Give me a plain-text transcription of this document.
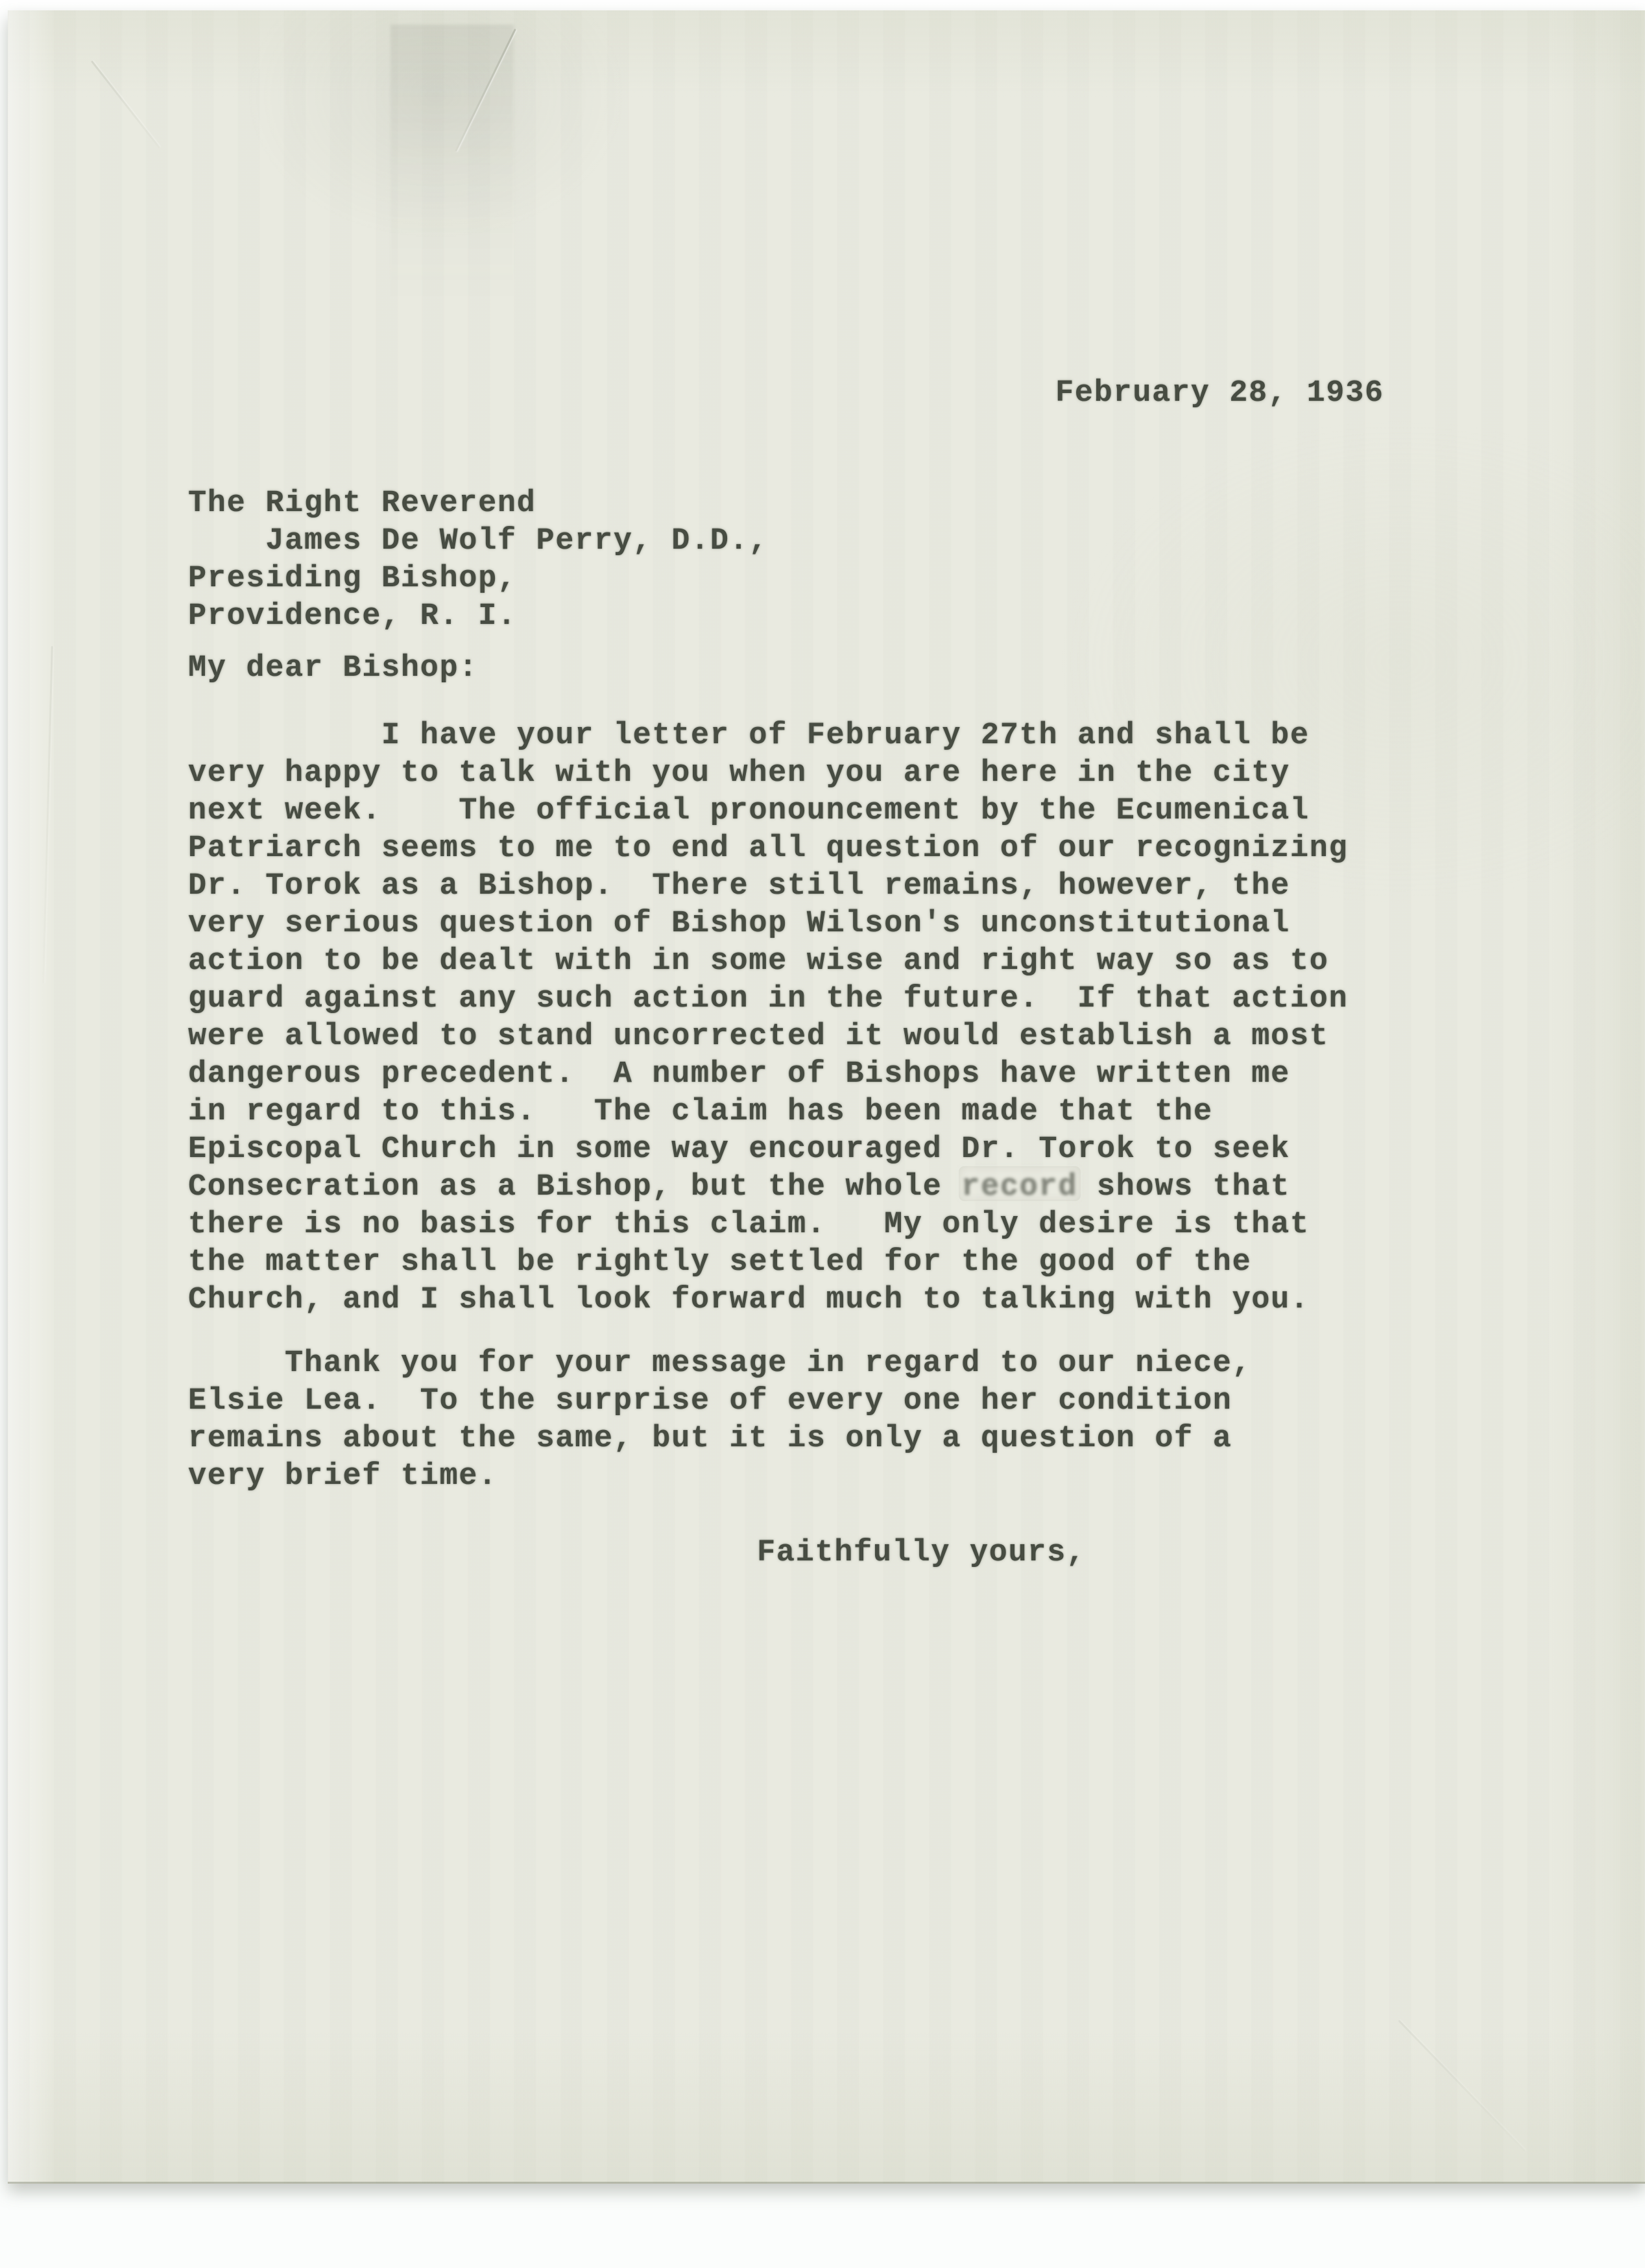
February 28, 1936
The Right Reverend
James De Wolf Perry, D.D.,
Presiding Bishop,
Providence, R. I.
My dear Bishop:
I have your letter of February 27th and shall be
very happy to talk with you when you are here in the city
next week.    The official pronouncement by the Ecumenical
Patriarch seems to me to end all question of our recognizing
Dr. Torok as a Bishop.  There still remains, however, the
very serious question of Bishop Wilson's unconstitutional
action to be dealt with in some wise and right way so as to
guard against any such action in the future.  If that action
were allowed to stand uncorrected it would establish a most
dangerous precedent.  A number of Bishops have written me
in regard to this.   The claim has been made that the
Episcopal Church in some way encouraged Dr. Torok to seek
Consecration as a Bishop, but the whole record shows that
there is no basis for this claim.   My only desire is that
the matter shall be rightly settled for the good of the
Church, and I shall look forward much to talking with you.
Thank you for your message in regard to our niece,
Elsie Lea.  To the surprise of every one her condition
remains about the same, but it is only a question of a
very brief time.
Faithfully yours,
